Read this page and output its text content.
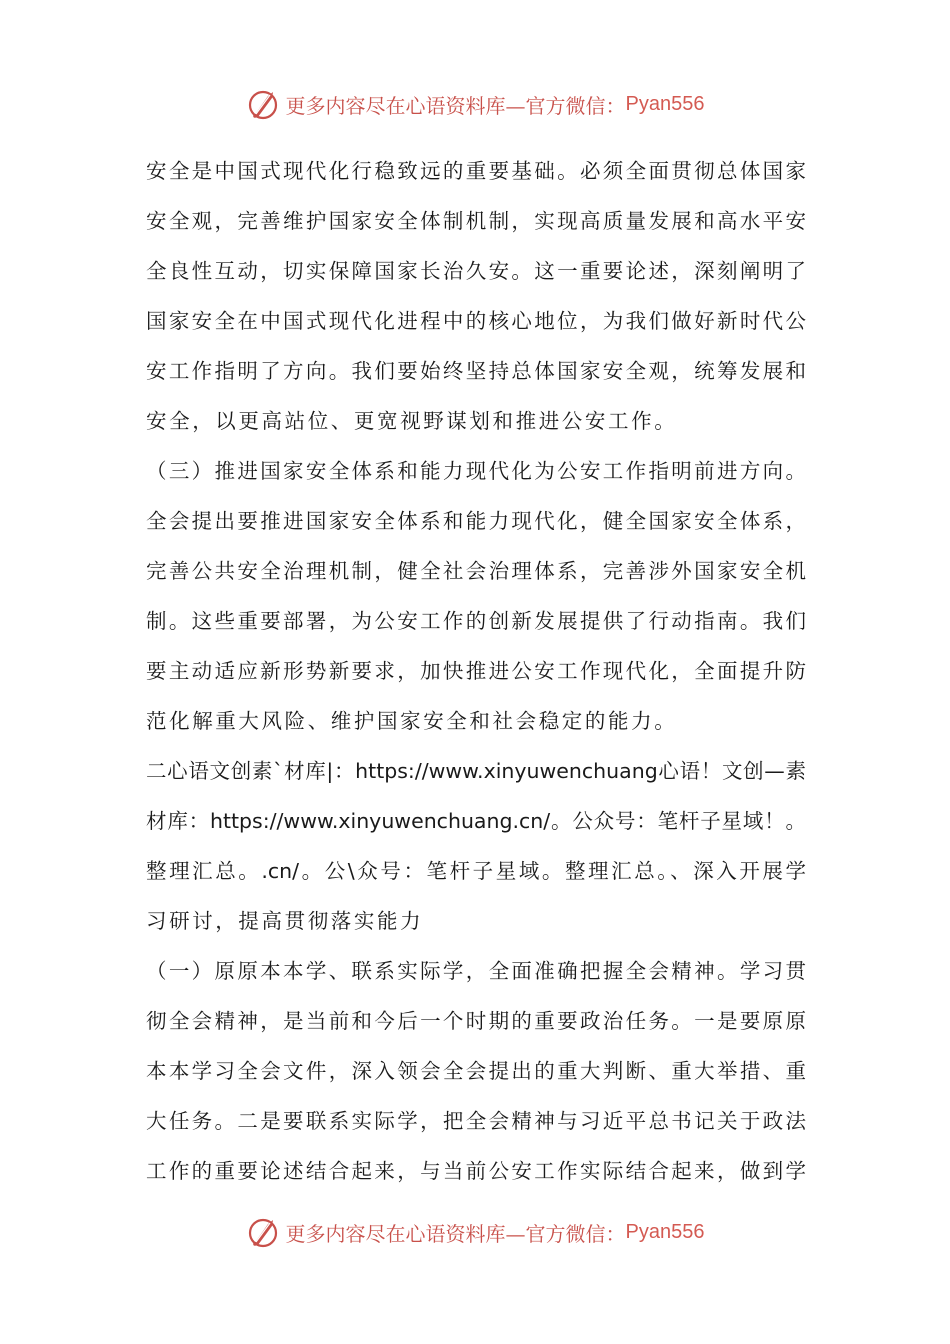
更多内容尽在心语资料库—官方微信： Pyan556
安全是中国式现代化行稳致远的重要基础。必须全面贯彻总体国家
安全观，完善维护国家安全体制机制，实现高质量发展和高水平安
全良性互动，切实保障国家长治久安。这一重要论述，深刻阐明了
国家安全在中国式现代化进程中的核心地位，为我们做好新时代公
安工作指明了方向。我们要始终坚持总体国家安全观，统筹发展和
安全，以更高站位、更宽视野谋划和推进公安工作。
（三）推进国家安全体系和能力现代化为公安工作指明前进方向。
全会提出要推进国家安全体系和能力现代化，健全国家安全体系，
完善公共安全治理机制，健全社会治理体系，完善涉外国家安全机
制。这些重要部署，为公安工作的创新发展提供了行动指南。我们
要主动适应新形势新要求，加快推进公安工作现代化，全面提升防
范化解重大风险、维护国家安全和社会稳定的能力。
二心语文创素`材库|：https://www.xinyuwenchuang心语！文创—素
材库：https://www.xinyuwenchuang.cn/。公众号：笔杆子星域！。
整理汇总。.cn/。公\众号：笔杆子星域。整理汇总。、深入开展学
习研讨，提高贯彻落实能力
（一）原原本本学、联系实际学，全面准确把握全会精神。学习贯
彻全会精神，是当前和今后一个时期的重要政治任务。一是要原原
本本学习全会文件，深入领会全会提出的重大判断、重大举措、重
大任务。二是要联系实际学，把全会精神与习近平总书记关于政法
工作的重要论述结合起来，与当前公安工作实际结合起来，做到学
更多内容尽在心语资料库—官方微信： Pyan556
